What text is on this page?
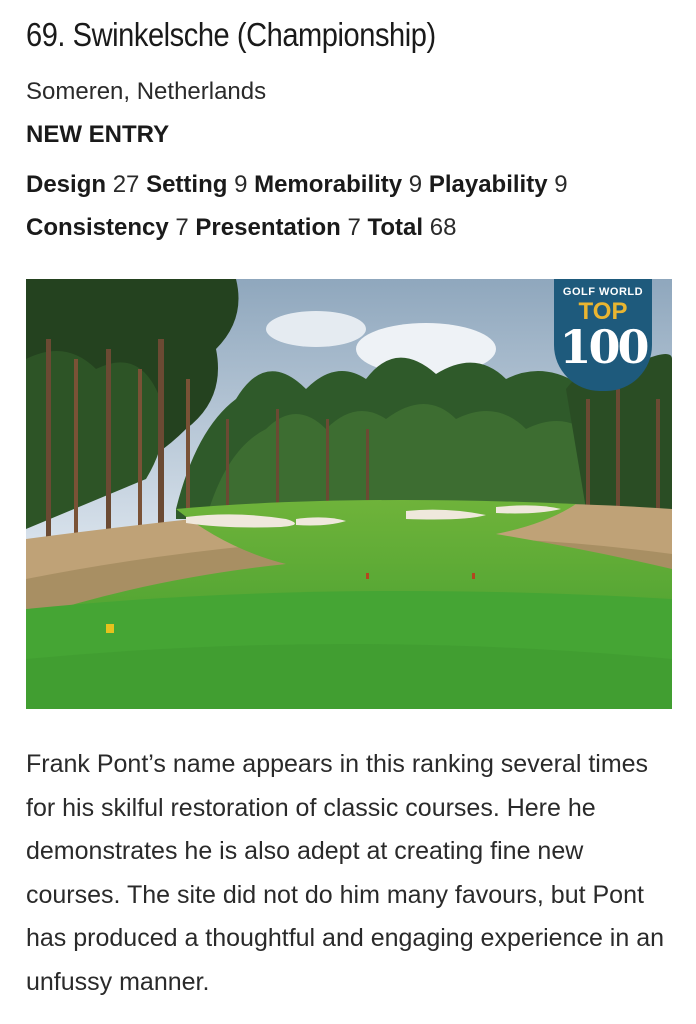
69. Swinkelsche (Championship)
Someren, Netherlands
NEW ENTRY
Design 27 Setting 9 Memorability 9 Playability 9
Consistency 7 Presentation 7 Total 68
GOLF WORLD
TOP
100

Frank Pont’s name appears in this ranking several times for his skilful restoration of classic courses. Here he demonstrates he is also adept at creating fine new courses. The site did not do him many favours, but Pont has produced a thoughtful and engaging experience in an unfussy manner.
